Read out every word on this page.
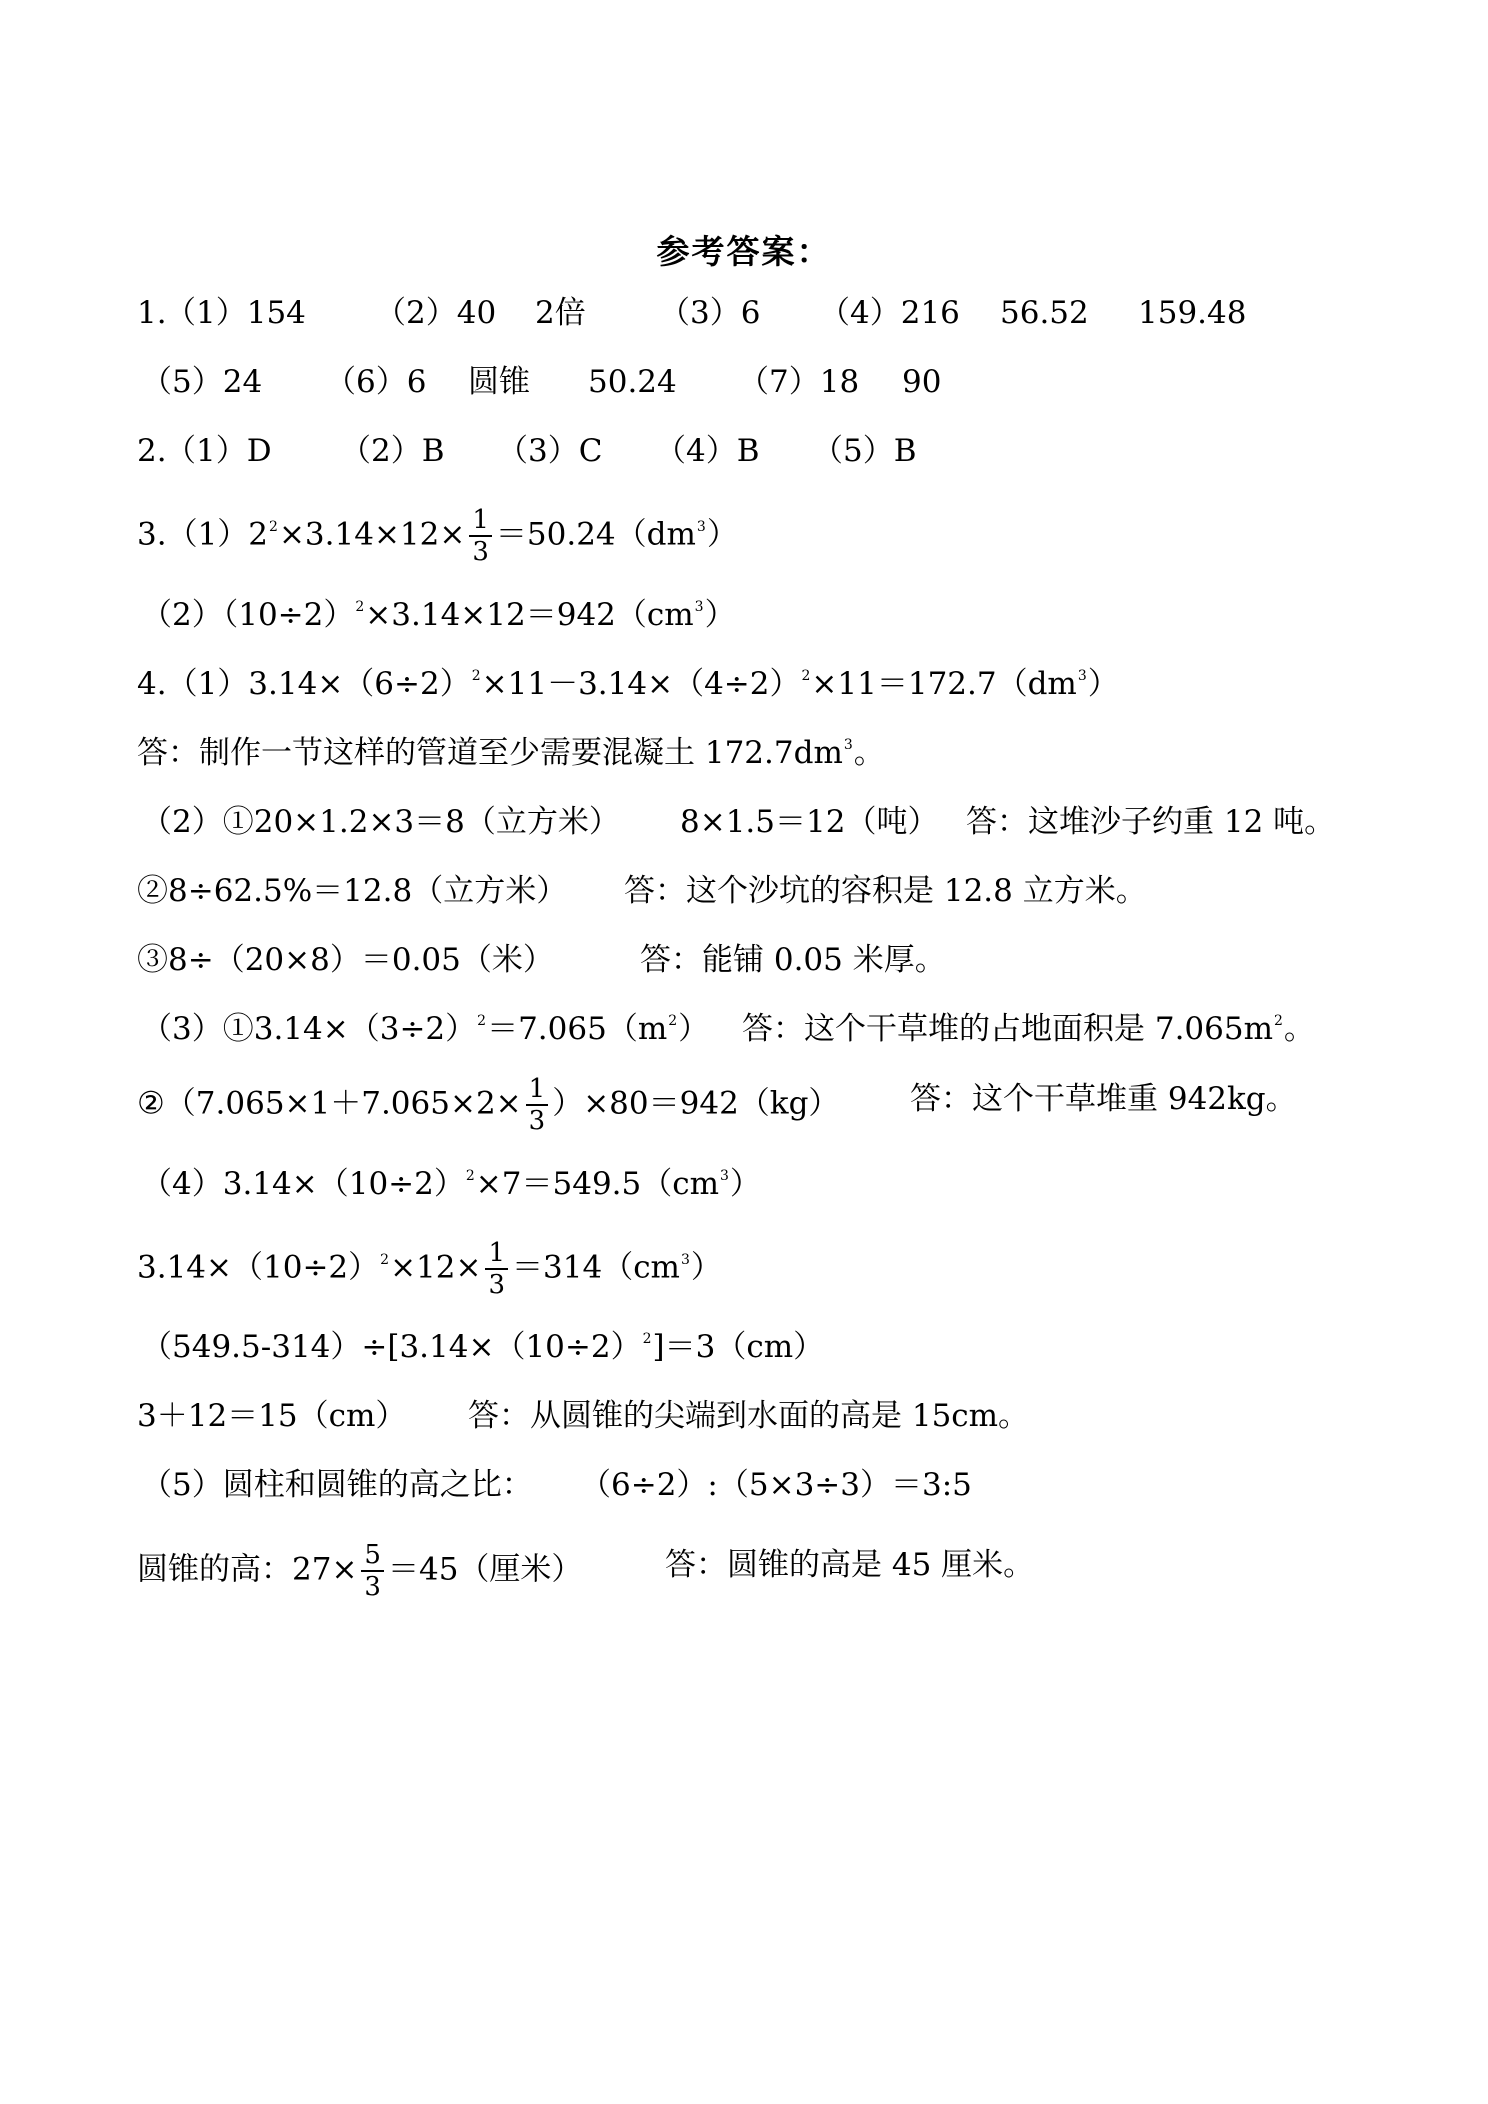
参考答案：
1.
（1）154 （2）40 2倍 （3）6 （4）216 56.52 159.48
（5）24 （6）6 圆锥 50.24 （7）18 90
2.
（1）D （2）B （3）C （4）B （5）B
$3.(1)2^2\times 3.14\times 12\times \frac{1}{3} =50.24(dm^3)$
$(2)(10\div 2)^2\times 3.14\times 12=942(cm^3)$
$4.(1)3.14\times(6\div 2)^2\times 11-3.14\times(4\div 2)^2\times 11=172.7(dm^3)$
答：制作一节这样的管道至少需要混凝土 $172.7dm^3$。
（2）①20×1.2×3＝8（立方米） 8×1.5＝12（吨） 答：这堆沙子约重 12 吨。
②8÷62.5%＝12.8（立方米） 答：这个沙坑的容积是 12.8 立方米。
③8÷（20×8）＝0.05（米）	答：能铺 0.05 米厚。
$(3)①3.14\times(3\div 2)^2=7.065(m^2)$ 答：这个干草堆的占地面积是 $7.065m^2$。
②（7.065×1＋7.065×2× $\frac{1}{3} )\times 80=942(kg)$ 答：这个干草堆重 942kg。
$(4)3.14\times(10\div 2)^2\times 7=549.5(cm^3)$
$3.14\times(10\div 2)^2\times 12\times \frac{1}{3} =314(cm^3)$
$(549.5-314)\div[3.14\times(10\div 2)^2]=3(cm)$
3＋12＝15（cm） 答：从圆锥的尖端到水面的高是 15cm。
（5）圆柱和圆锥的高之比： （6÷2）:（5×3÷3）＝3:5
圆锥的高：$27\times \frac{5}{3} =45$（厘米）	答：圆锥的高是 45 厘米。
